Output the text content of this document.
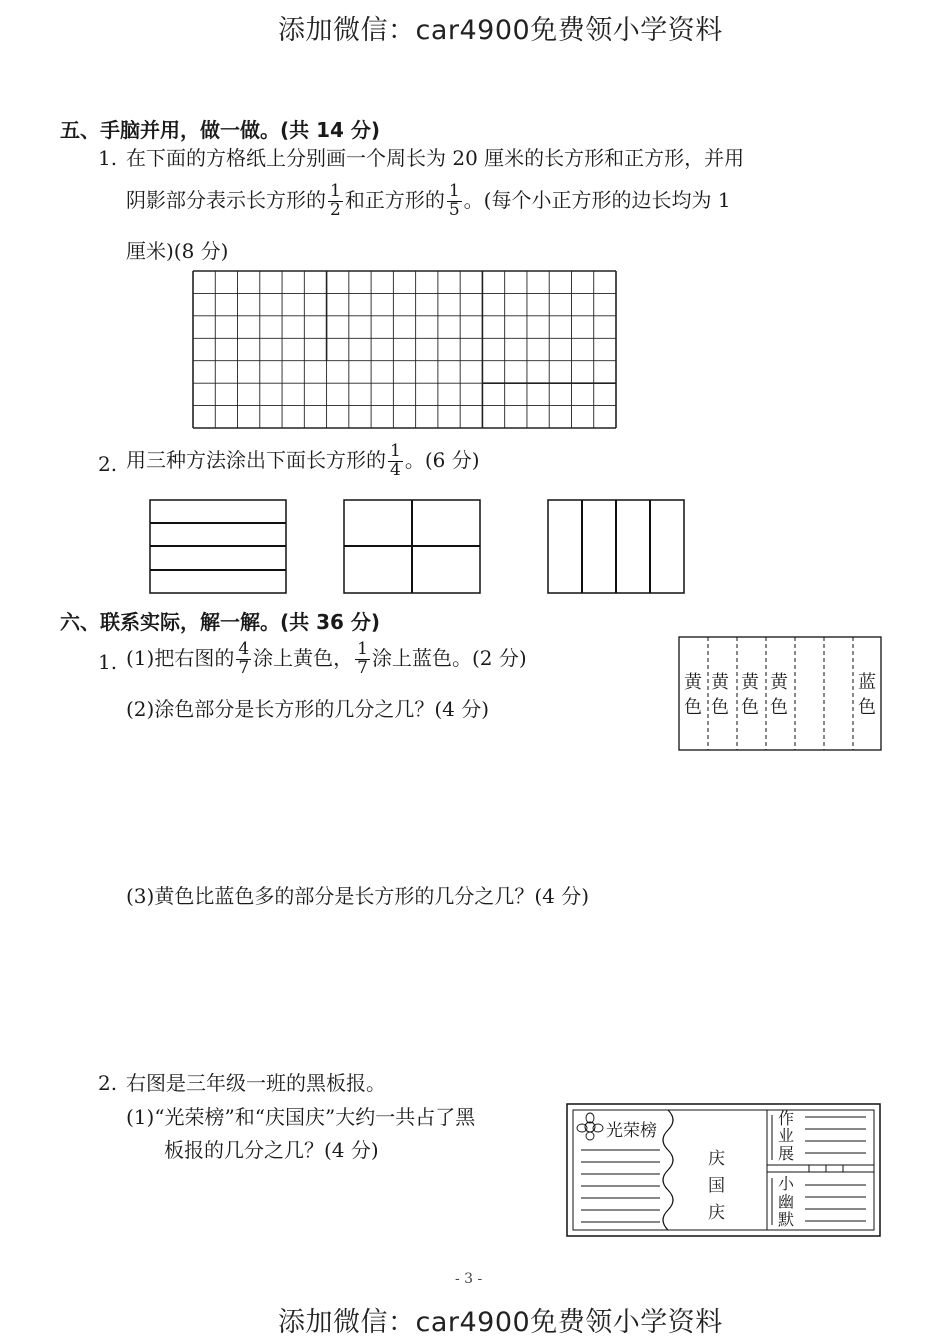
添加微信：car4900免费领小学资料
五、手脑并用，做一做。(共 14 分)
1. 在下面的方格纸上分别画一个周长为 20 厘米的长方形和正方形，并用
阴影部分表示长方形的 $\frac{1}{2}$ 和正方形的 $\frac{1}{5}$ 。(每个小正方形的边长均为 1
厘米)(8 分)
2. 用三种方法涂出下面长方形的 $\frac{1}{4}$ 。(6 分)
六、联系实际，解一解。(共 36 分)
1. (1)把右图的 $\frac{4}{7}$ 涂上黄色， $\frac{1}{7}$ 涂上蓝色。(2 分)
(2)涂色部分是长方形的几分之几？(4 分)
(3)黄色比蓝色多的部分是长方形的几分之几？(4 分)
黄
色
黄
色
黄
色
黄
色
蓝
色
2. 右图是三年级一班的黑板报。
(1)“光荣榜”和“庆国庆”大约一共占了黑
板报的几分之几？(4 分)
光荣榜
庆
国
庆
作
业
展
小
幽
默
- 3 -
添加微信：car4900免费领小学资料
